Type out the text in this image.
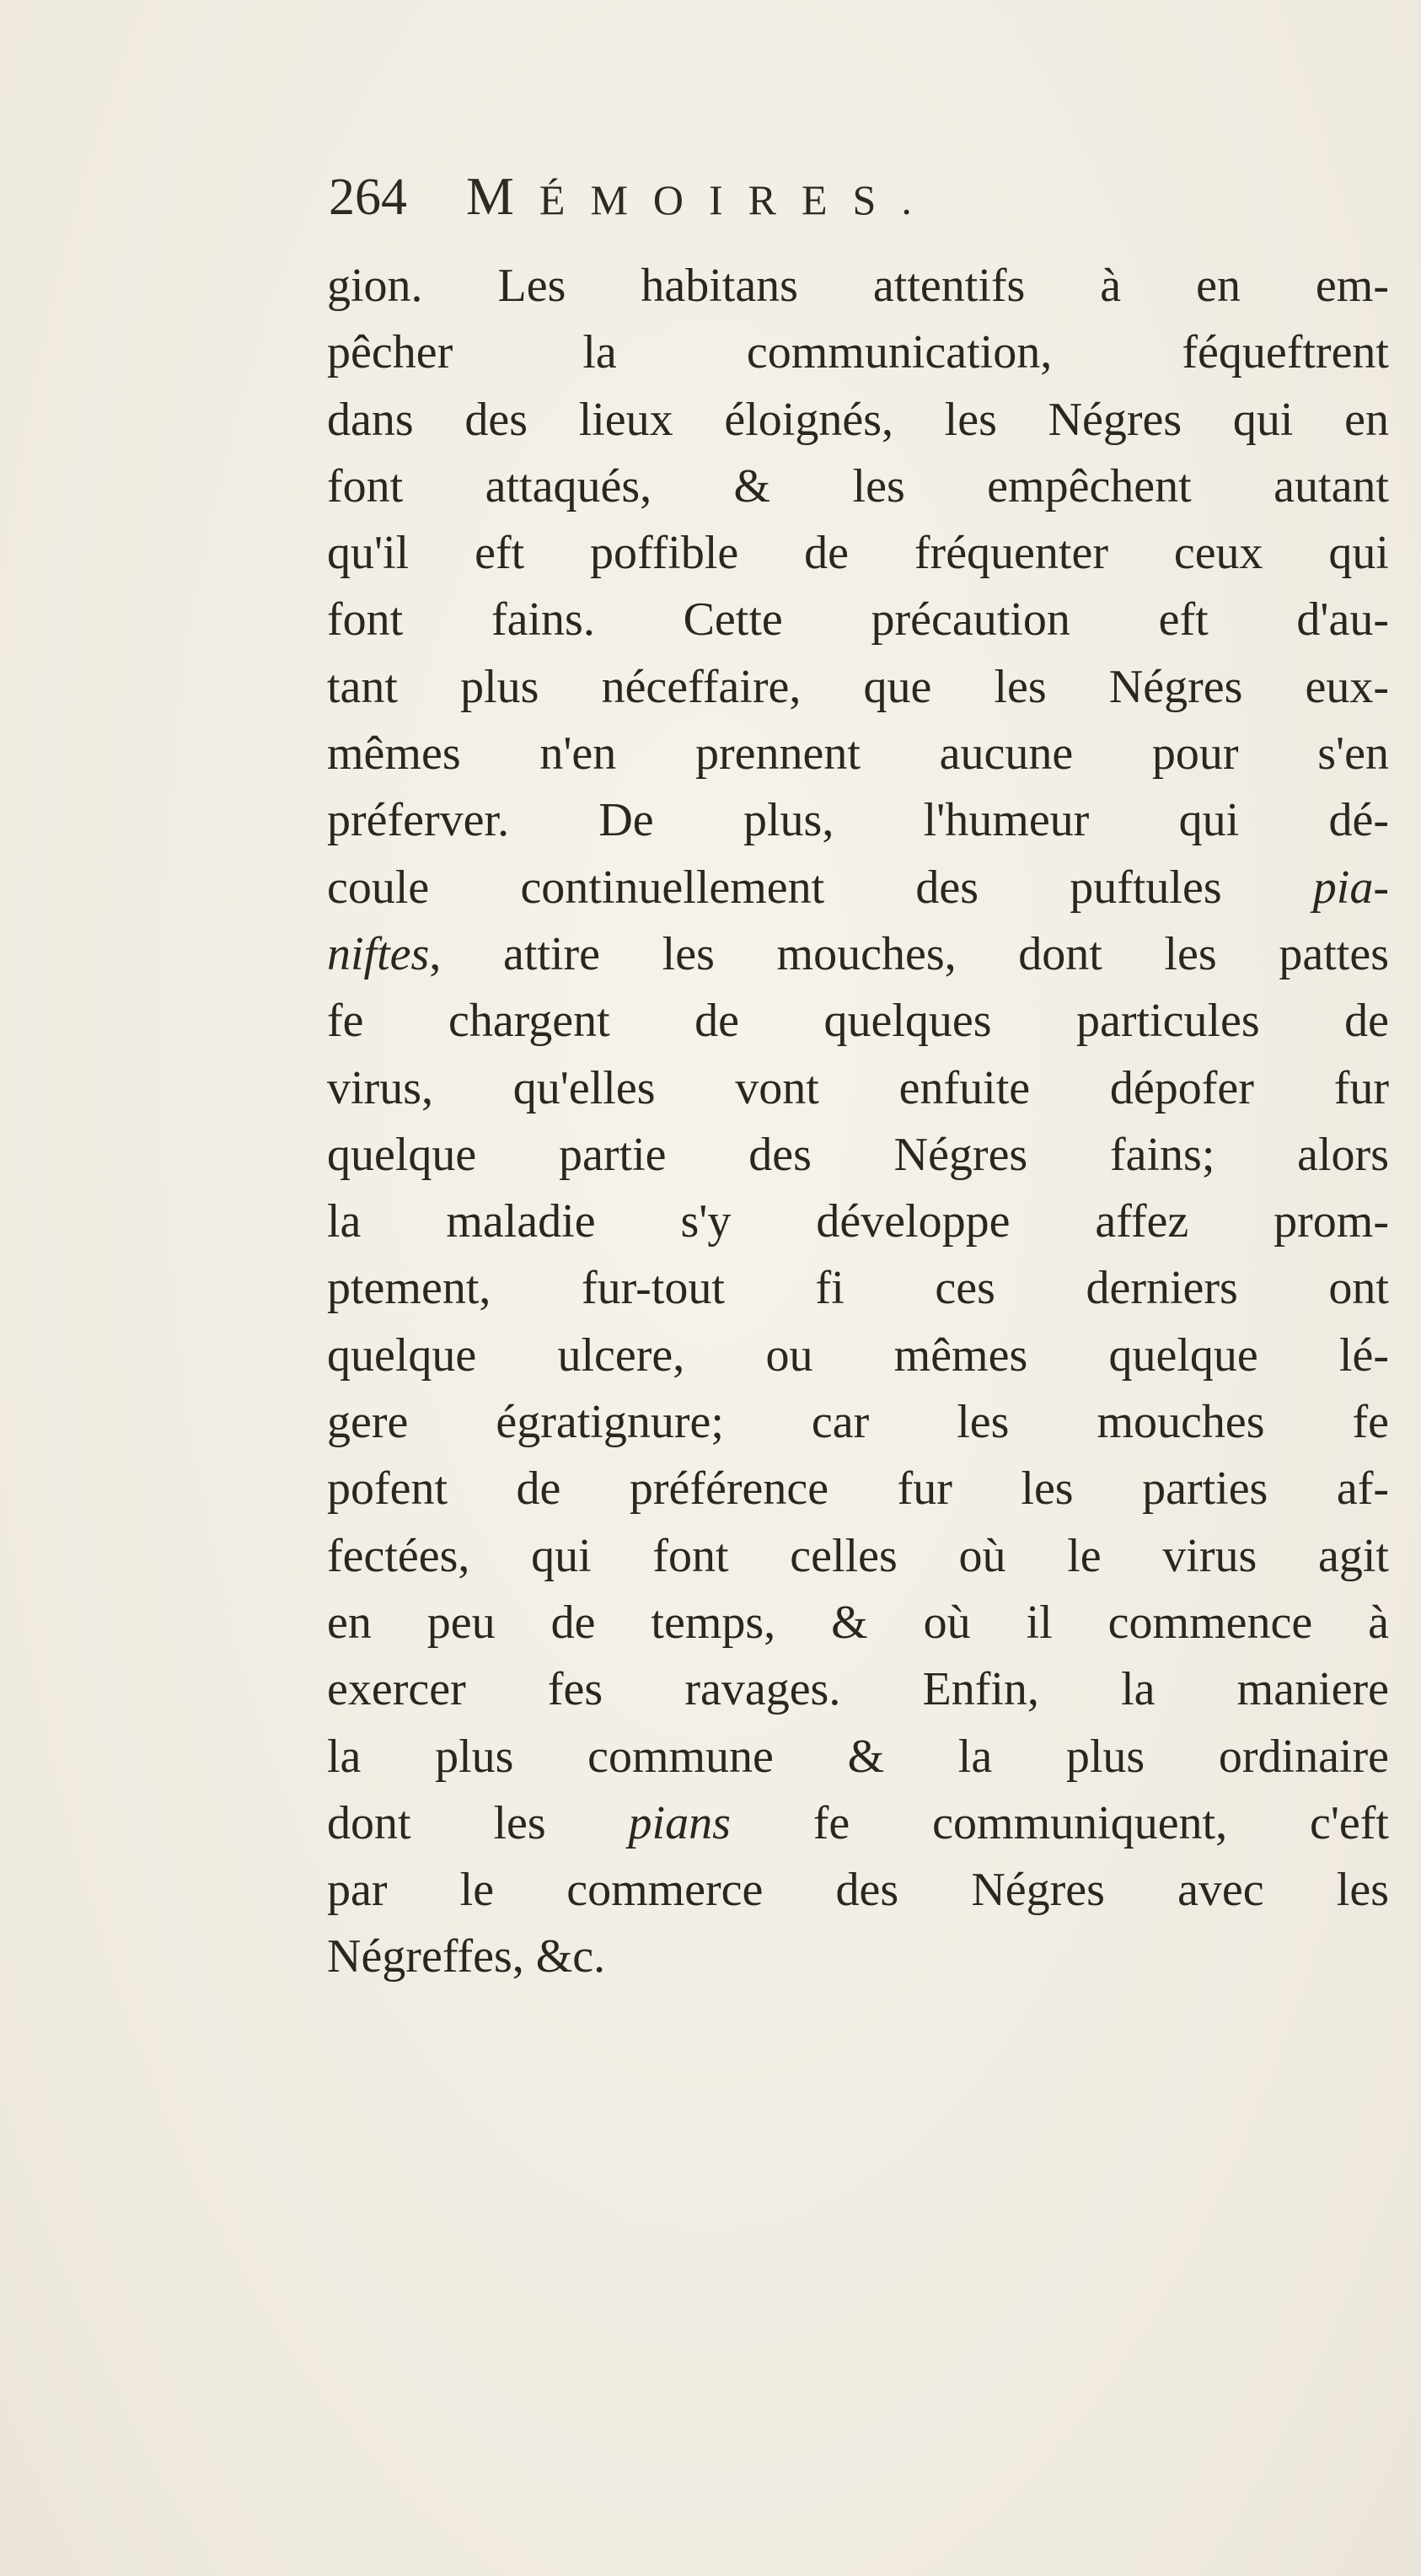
264 MÉMOIRES.
gion. Les habitans attentifs à en em-
pêcher la communication, féqueftrent
dans des lieux éloignés, les Négres qui en
font attaqués, & les empêchent autant
qu'il eft poffible de fréquenter ceux qui
font fains. Cette précaution eft d'au-
tant plus néceffaire, que les Négres eux-
mêmes n'en prennent aucune pour s'en
préferver. De plus, l'humeur qui dé-
coule continuellement des puftules pia-
niftes, attire les mouches, dont les pattes
fe chargent de quelques particules de
virus, qu'elles vont enfuite dépofer fur
quelque partie des Négres fains; alors
la maladie s'y développe affez prom-
ptement, fur-tout fi ces derniers ont
quelque ulcere, ou mêmes quelque lé-
gere égratignure; car les mouches fe
pofent de préférence fur les parties af-
fectées, qui font celles où le virus agit
en peu de temps, & où il commence à
exercer fes ravages. Enfin, la maniere
la plus commune & la plus ordinaire
dont les pians fe communiquent, c'eft
par le commerce des Négres avec les
Négreffes, &c.
